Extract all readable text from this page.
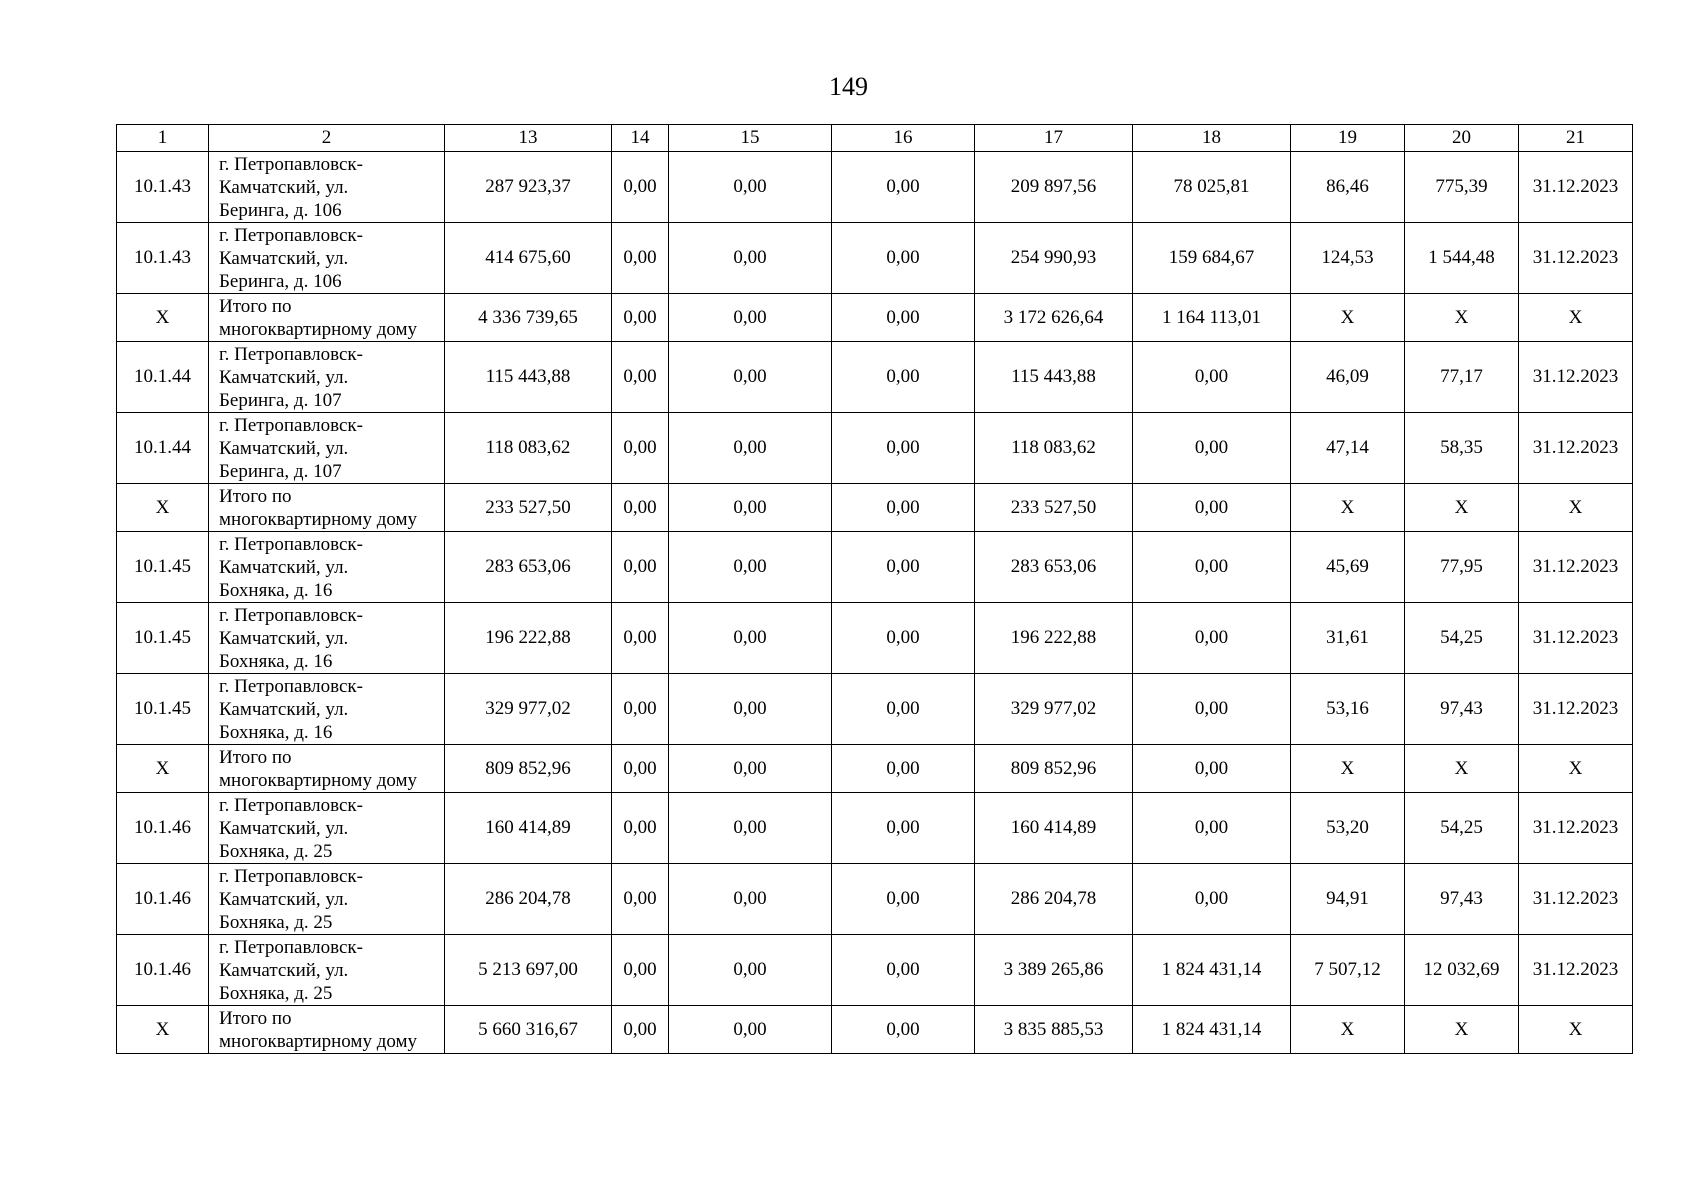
149
1	2	13	14	15	16	17	18	19	20	21
10.1.43	г. Петропавловск-
Камчатский, ул.
Беринга, д. 106	287 923,37	0,00	0,00	0,00	209 897,56	78 025,81	86,46	775,39	31.12.2023
10.1.43	г. Петропавловск-
Камчатский, ул.
Беринга, д. 106	414 675,60	0,00	0,00	0,00	254 990,93	159 684,67	124,53	1 544,48	31.12.2023
Х	Итого по
многоквартирному дому	4 336 739,65	0,00	0,00	0,00	3 172 626,64	1 164 113,01	Х	Х	Х
10.1.44	г. Петропавловск-
Камчатский, ул.
Беринга, д. 107	115 443,88	0,00	0,00	0,00	115 443,88	0,00	46,09	77,17	31.12.2023
10.1.44	г. Петропавловск-
Камчатский, ул.
Беринга, д. 107	118 083,62	0,00	0,00	0,00	118 083,62	0,00	47,14	58,35	31.12.2023
Х	Итого по
многоквартирному дому	233 527,50	0,00	0,00	0,00	233 527,50	0,00	Х	Х	Х
10.1.45	г. Петропавловск-
Камчатский, ул.
Бохняка, д. 16	283 653,06	0,00	0,00	0,00	283 653,06	0,00	45,69	77,95	31.12.2023
10.1.45	г. Петропавловск-
Камчатский, ул.
Бохняка, д. 16	196 222,88	0,00	0,00	0,00	196 222,88	0,00	31,61	54,25	31.12.2023
10.1.45	г. Петропавловск-
Камчатский, ул.
Бохняка, д. 16	329 977,02	0,00	0,00	0,00	329 977,02	0,00	53,16	97,43	31.12.2023
Х	Итого по
многоквартирному дому	809 852,96	0,00	0,00	0,00	809 852,96	0,00	Х	Х	Х
10.1.46	г. Петропавловск-
Камчатский, ул.
Бохняка, д. 25	160 414,89	0,00	0,00	0,00	160 414,89	0,00	53,20	54,25	31.12.2023
10.1.46	г. Петропавловск-
Камчатский, ул.
Бохняка, д. 25	286 204,78	0,00	0,00	0,00	286 204,78	0,00	94,91	97,43	31.12.2023
10.1.46	г. Петропавловск-
Камчатский, ул.
Бохняка, д. 25	5 213 697,00	0,00	0,00	0,00	3 389 265,86	1 824 431,14	7 507,12	12 032,69	31.12.2023
Х	Итого по
многоквартирному дому	5 660 316,67	0,00	0,00	0,00	3 835 885,53	1 824 431,14	Х	Х	Х
